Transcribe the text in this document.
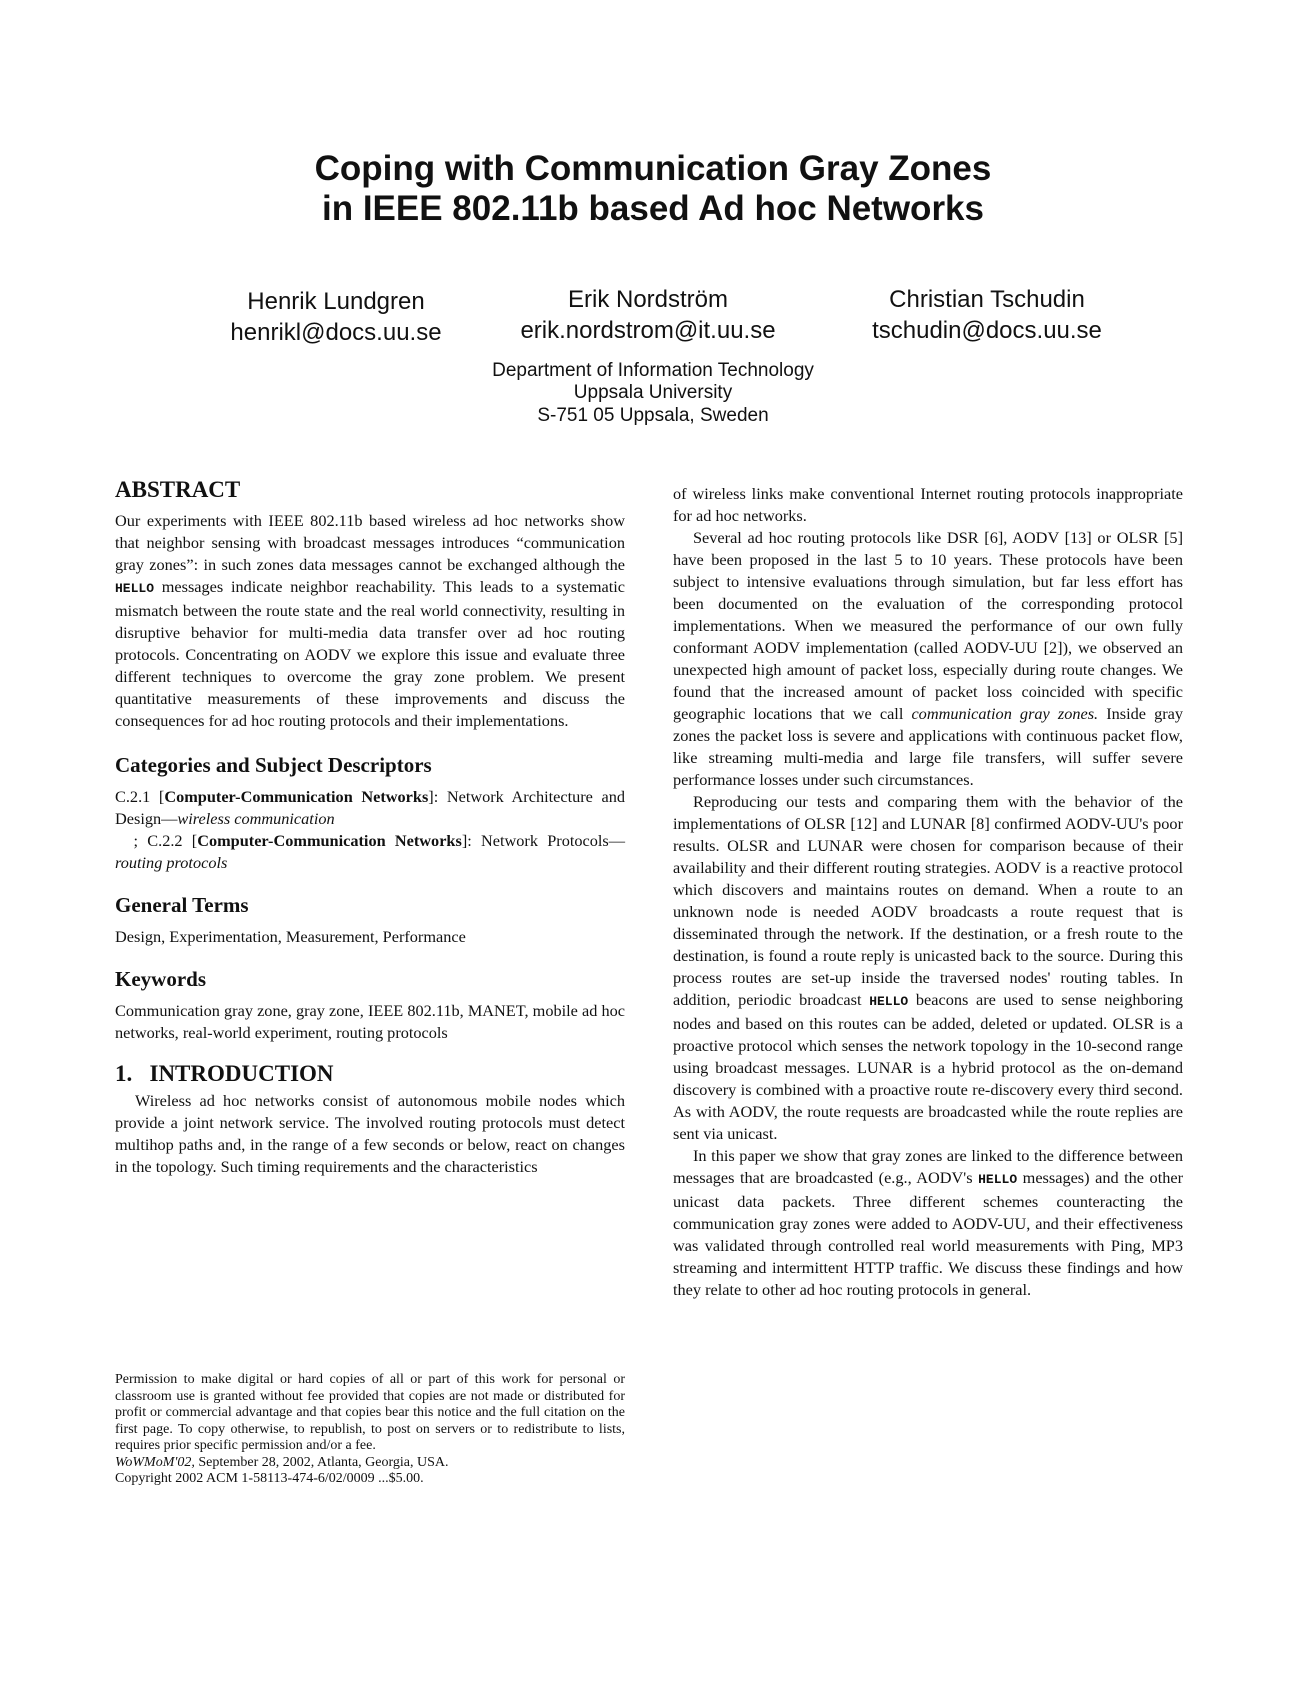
Coping with Communication Gray Zones
in IEEE 802.11b based Ad hoc Networks
Henrik Lundgren
henrikl@docs.uu.se
Erik Nordström
erik.nordstrom@it.uu.se
Christian Tschudin
tschudin@docs.uu.se
Department of Information Technology
Uppsala University
S-751 05 Uppsala, Sweden
ABSTRACT

Our experiments with IEEE 802.11b based wireless ad hoc networks show that neighbor sensing with broadcast messages introduces “communication gray zones”: in such zones data messages cannot be exchanged although the HELLO messages indicate neighbor reachability. This leads to a systematic mismatch between the route state and the real world connectivity, resulting in disruptive behavior for multi-media data transfer over ad hoc routing protocols. Concentrating on AODV we explore this issue and evaluate three different techniques to overcome the gray zone problem. We present quantitative measurements of these improvements and discuss the consequences for ad hoc routing protocols and their implementations.

Categories and Subject Descriptors

C.2.1 [Computer-Communication Networks]: Network Architecture and Design—wireless communication
; C.2.2 [Computer-Communication Networks]: Network Protocols—routing protocols

General Terms

Design, Experimentation, Measurement, Performance

Keywords

Communication gray zone, gray zone, IEEE 802.11b, MANET, mobile ad hoc networks, real-world experiment, routing protocols

1.   INTRODUCTION

Wireless ad hoc networks consist of autonomous mobile nodes which provide a joint network service. The involved routing protocols must detect multihop paths and, in the range of a few seconds or below, react on changes in the topology. Such timing requirements and the characteristics

Permission to make digital or hard copies of all or part of this work for personal or classroom use is granted without fee provided that copies are not made or distributed for profit or commercial advantage and that copies bear this notice and the full citation on the first page. To copy otherwise, to republish, to post on servers or to redistribute to lists, requires prior specific permission and/or a fee.

WoWMoM'02, September 28, 2002, Atlanta, Georgia, USA.

Copyright 2002 ACM 1-58113-474-6/02/0009 ...$5.00.

of wireless links make conventional Internet routing protocols inappropriate for ad hoc networks.

Several ad hoc routing protocols like DSR [6], AODV [13] or OLSR [5] have been proposed in the last 5 to 10 years. These protocols have been subject to intensive evaluations through simulation, but far less effort has been documented on the evaluation of the corresponding protocol implementations. When we measured the performance of our own fully conformant AODV implementation (called AODV-UU [2]), we observed an unexpected high amount of packet loss, especially during route changes. We found that the increased amount of packet loss coincided with specific geographic locations that we call communication gray zones. Inside gray zones the packet loss is severe and applications with continuous packet flow, like streaming multi-media and large file transfers, will suffer severe performance losses under such circumstances.

Reproducing our tests and comparing them with the behavior of the implementations of OLSR [12] and LUNAR [8] confirmed AODV-UU's poor results. OLSR and LUNAR were chosen for comparison because of their availability and their different routing strategies. AODV is a reactive protocol which discovers and maintains routes on demand. When a route to an unknown node is needed AODV broadcasts a route request that is disseminated through the network. If the destination, or a fresh route to the destination, is found a route reply is unicasted back to the source. During this process routes are set-up inside the traversed nodes' routing tables. In addition, periodic broadcast HELLO beacons are used to sense neighboring nodes and based on this routes can be added, deleted or updated. OLSR is a proactive protocol which senses the network topology in the 10-second range using broadcast messages. LUNAR is a hybrid protocol as the on-demand discovery is combined with a proactive route re-discovery every third second. As with AODV, the route requests are broadcasted while the route replies are sent via unicast.

In this paper we show that gray zones are linked to the difference between messages that are broadcasted (e.g., AODV's HELLO messages) and the other unicast data packets. Three different schemes counteracting the communication gray zones were added to AODV-UU, and their effectiveness was validated through controlled real world measurements with Ping, MP3 streaming and intermittent HTTP traffic. We discuss these findings and how they relate to other ad hoc routing protocols in general.
